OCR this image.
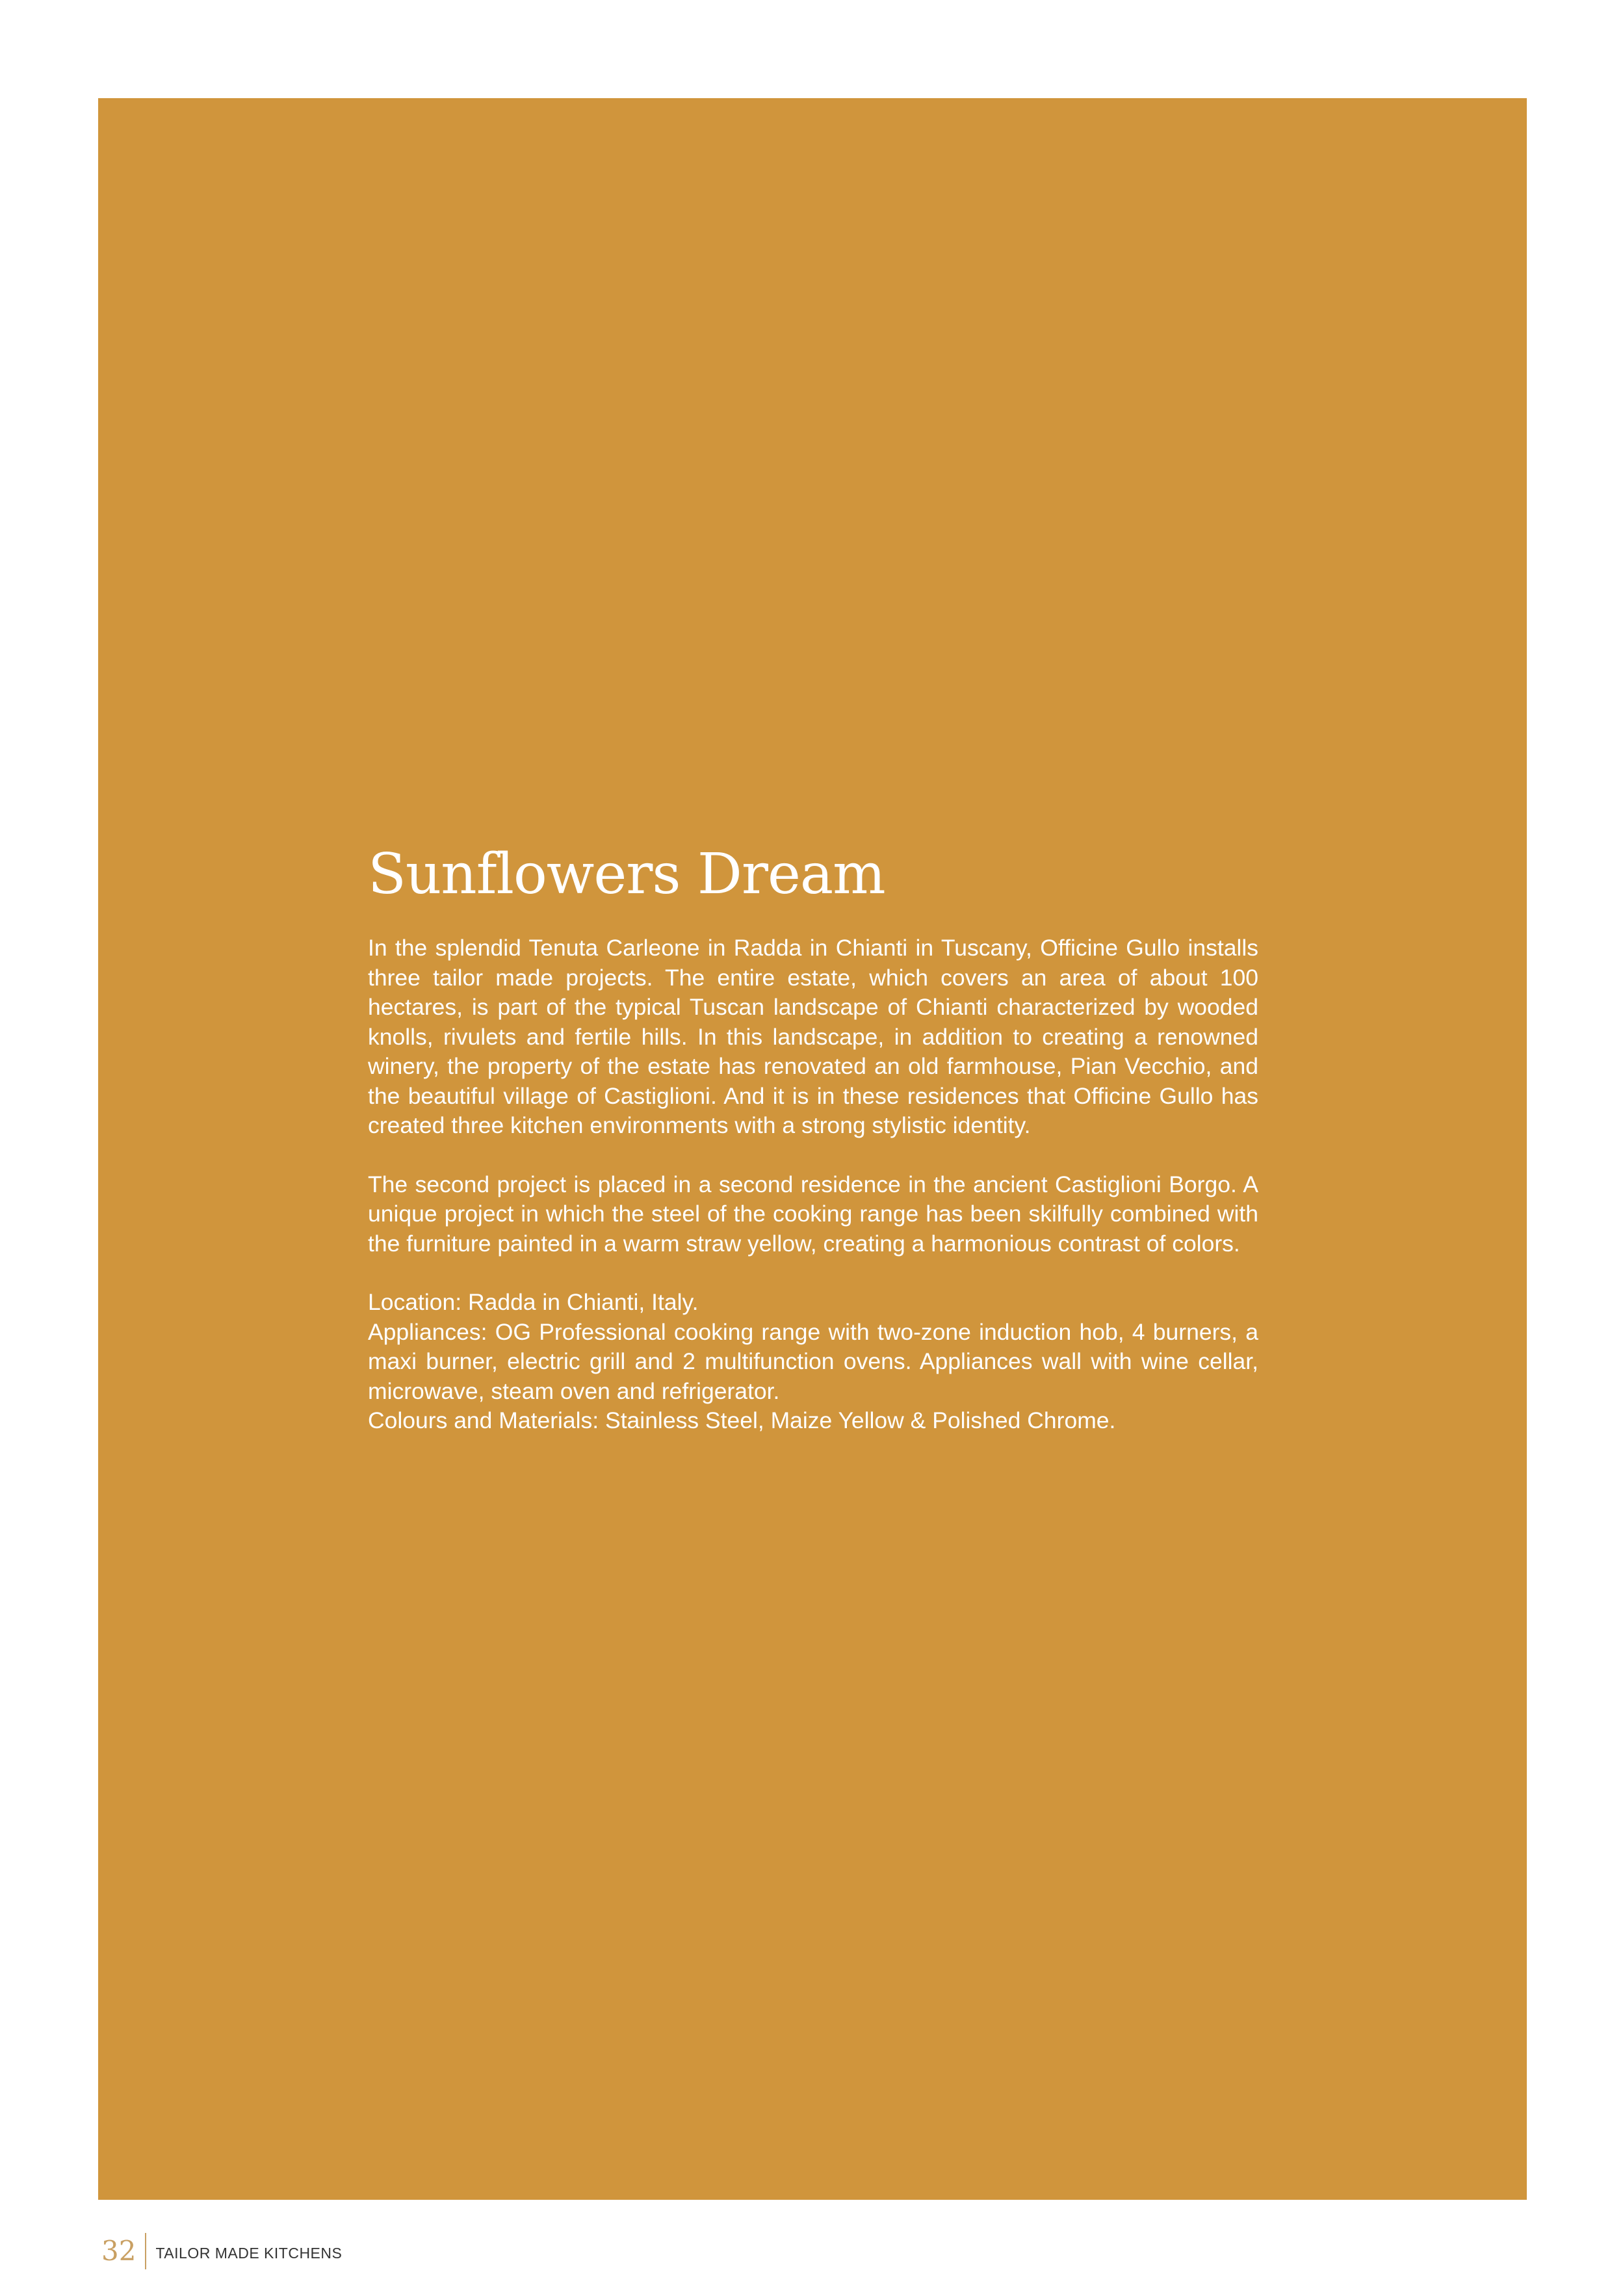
Sunflowers Dream

In the splendid Tenuta Carleone in Radda in Chianti in Tuscany, Officine Gullo installs three tailor made projects. The entire estate, which covers an area of about 100 hectares, is part of the typical Tuscan landscape of Chianti characterized by wooded knolls, rivulets and fertile hills. In this landscape, in addition to creating a renowned winery, the property of the estate has renovated an old farmhouse, Pian Vecchio, and the beautiful village of Castiglioni. And it is in these residences that Officine Gullo has created three kitchen environments with a strong stylistic identity.

The second project is placed in a second residence in the ancient Castiglioni Borgo. A unique project in which the steel of the cooking range has been skilfully combined with the furniture painted in a warm straw yellow, creating a harmonious contrast of colors.

Location: Radda in Chianti, Italy.

Appliances: OG Professional cooking range with two-zone induction hob, 4 burners, a maxi burner, electric grill and 2 multifunction ovens. Appliances wall with wine cellar, microwave, steam oven and refrigerator.

Colours and Materials: Stainless Steel, Maize Yellow & Polished Chrome.

32 TAILOR MADE KITCHENS
